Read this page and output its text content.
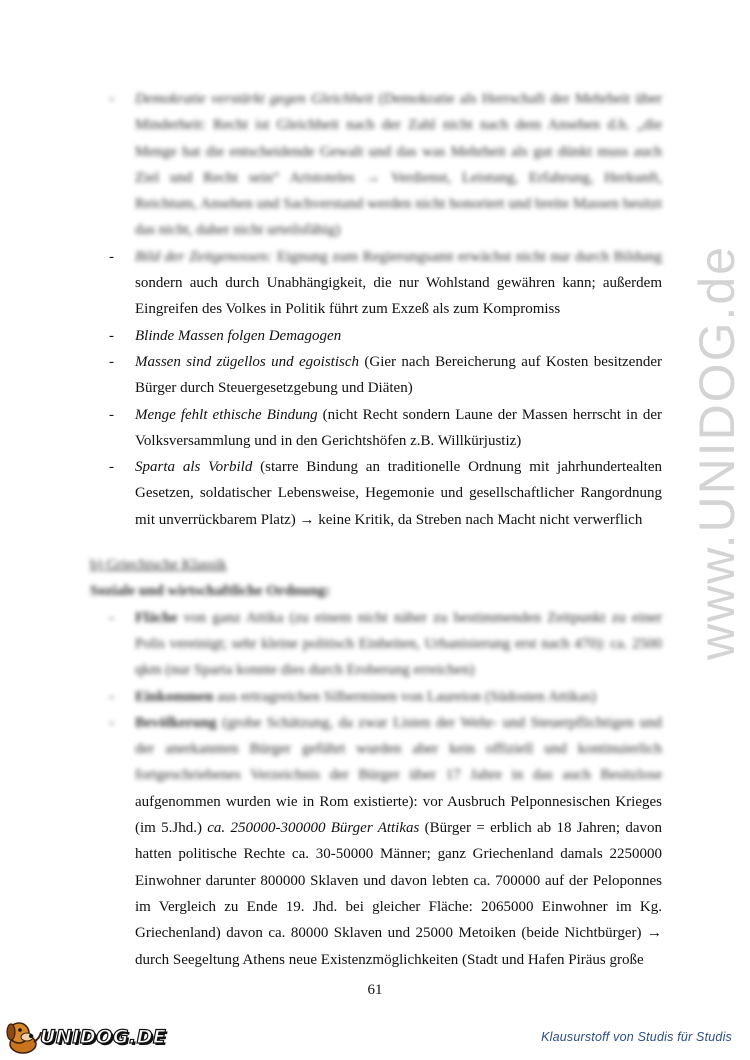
www.UNIDOG.de
- Demokratie verstärkt gegen Gleichheit (Demokratie als Herrschaft der Mehrheit über Minderheit: Recht ist Gleichheit nach der Zahl nicht nach dem Ansehen d.h. „die Menge hat die entscheidende Gewalt und das was Mehrheit als gut dünkt muss auch Ziel und Recht sein“ Aristoteles → Verdienst, Leistung, Erfahrung, Herkunft, Reichtum, Ansehen und Sachverstand werden nicht honoriert und breite Massen besitzt das nicht, daher nicht urteilsfähig)

- Bild der Zeitgenossen: Eignung zum Regierungsamt erwächst nicht nur durch Bildung sondern auch durch Unabhängigkeit, die nur Wohlstand gewähren kann; außerdem Eingreifen des Volkes in Politik führt zum Exzeß als zum Kompromiss

- Blinde Massen folgen Demagogen

- Massen sind zügellos und egoistisch (Gier nach Bereicherung auf Kosten besitzender Bürger durch Steuergesetzgebung und Diäten)

- Menge fehlt ethische Bindung (nicht Recht sondern Laune der Massen herrscht in der Volksversammlung und in den Gerichtshöfen z.B. Willkürjustiz)

- Sparta als Vorbild (starre Bindung an traditionelle Ordnung mit jahrhundertealten Gesetzen, soldatischer Lebensweise, Hegemonie und gesellschaftlicher Rangordnung mit unverrückbarem Platz) → keine Kritik, da Streben nach Macht nicht verwerflich

b) Griechische Klassik

Soziale und wirtschaftliche Ordnung:

- Fläche von ganz Attika (zu einem nicht näher zu bestimmenden Zeitpunkt zu einer Polis vereinigt; sehr kleine politisch Einheiten, Urbanisierung erst nach 470): ca. 2500 qkm (nur Sparta konnte dies durch Eroberung erreichen)

- Einkommen aus ertragreichen Silberminen von Laureion (Südosten Attikas)

- Bevölkerung (grobe Schätzung, da zwar Listen der Wehr- und Steuerpflichtigen und der anerkannten Bürger geführt wurden aber kein offiziell und kontinuierlich fortgeschriebenes Verzeichnis der Bürger über 17 Jahre in das auch Besitzlose aufgenommen wurden wie in Rom existierte): vor Ausbruch Pelponnesischen Krieges (im 5.Jhd.) ca. 250000-300000 Bürger Attikas (Bürger = erblich ab 18 Jahren; davon hatten politische Rechte ca. 30-50000 Männer; ganz Griechenland damals 2250000 Einwohner darunter 800000 Sklaven und davon lebten ca. 700000 auf der Peloponnes im Vergleich zu Ende 19. Jhd. bei gleicher Fläche: 2065000 Einwohner im Kg. Griechenland) davon ca. 80000 Sklaven und 25000 Metoiken (beide Nichtbürger) → durch Seegeltung Athens neue Existenzmöglichkeiten (Stadt und Hafen Piräus große

61
UNIDOG.DE	Klausurstoff von Studis für Studis
